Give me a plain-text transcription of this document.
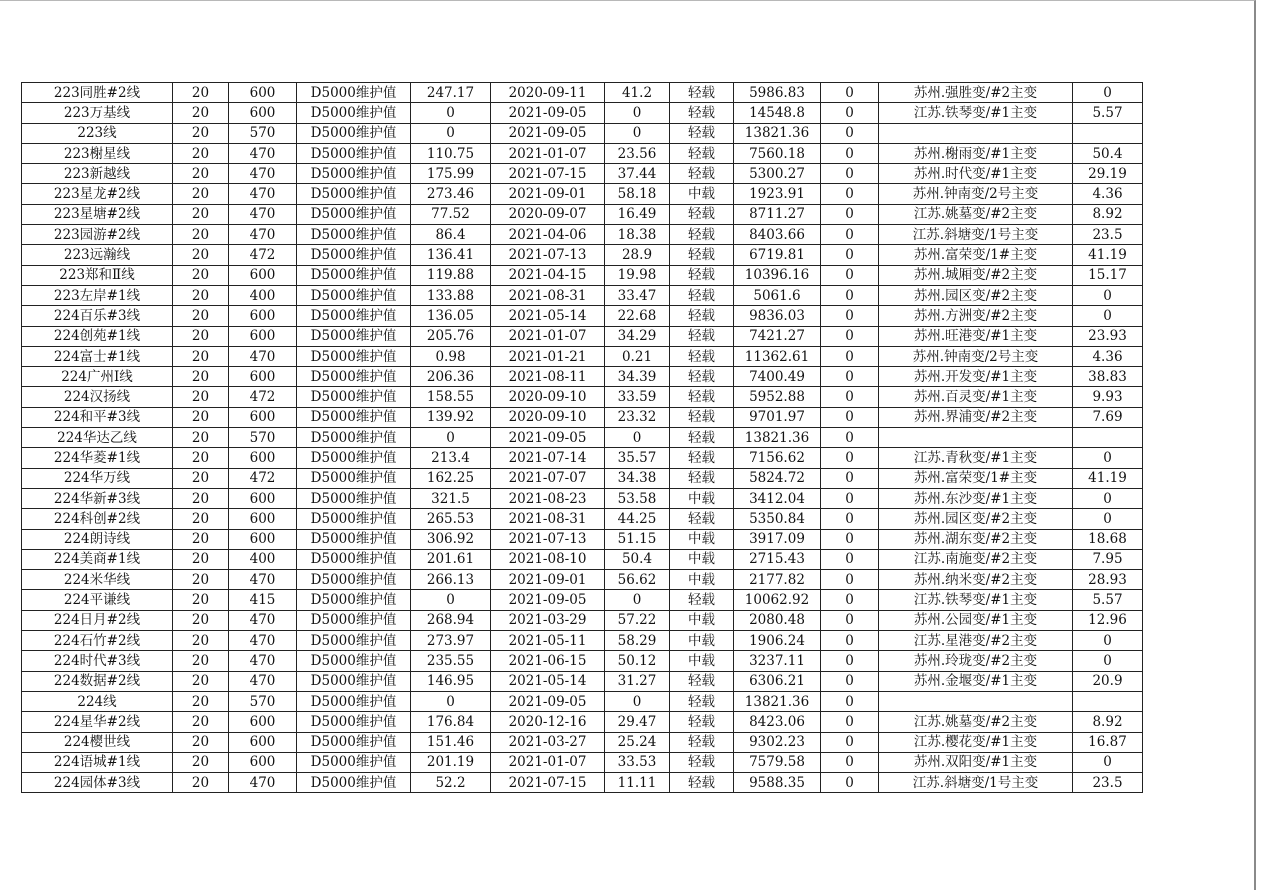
223同胜#2线	20	600	D5000维护值	247.17	2020-09-11	41.2	轻载	5986.83	0	苏州.强胜变/#2主变	0
223万基线	20	600	D5000维护值	0	2021-09-05	0	轻载	14548.8	0	江苏.铁琴变/#1主变	5.57
223线	20	570	D5000维护值	0	2021-09-05	0	轻载	13821.36	0		
223榭星线	20	470	D5000维护值	110.75	2021-01-07	23.56	轻载	7560.18	0	苏州.榭雨变/#1主变	50.4
223新越线	20	470	D5000维护值	175.99	2021-07-15	37.44	轻载	5300.27	0	苏州.时代变/#1主变	29.19
223星龙#2线	20	470	D5000维护值	273.46	2021-09-01	58.18	中载	1923.91	0	苏州.钟南变/2号主变	4.36
223星塘#2线	20	470	D5000维护值	77.52	2020-09-07	16.49	轻载	8711.27	0	江苏.姚墓变/#2主变	8.92
223园游#2线	20	470	D5000维护值	86.4	2021-04-06	18.38	轻载	8403.66	0	江苏.斜塘变/1号主变	23.5
223远瀚线	20	472	D5000维护值	136.41	2021-07-13	28.9	轻载	6719.81	0	苏州.富荣变/1#主变	41.19
223郑和Ⅱ线	20	600	D5000维护值	119.88	2021-04-15	19.98	轻载	10396.16	0	苏州.城厢变/#2主变	15.17
223左岸#1线	20	400	D5000维护值	133.88	2021-08-31	33.47	轻载	5061.6	0	苏州.园区变/#2主变	0
224百乐#3线	20	600	D5000维护值	136.05	2021-05-14	22.68	轻载	9836.03	0	苏州.方洲变/#2主变	0
224创苑#1线	20	600	D5000维护值	205.76	2021-01-07	34.29	轻载	7421.27	0	苏州.旺港变/#1主变	23.93
224富士#1线	20	470	D5000维护值	0.98	2021-01-21	0.21	轻载	11362.61	0	苏州.钟南变/2号主变	4.36
224广州Ⅰ线	20	600	D5000维护值	206.36	2021-08-11	34.39	轻载	7400.49	0	苏州.开发变/#1主变	38.83
224汉扬线	20	472	D5000维护值	158.55	2020-09-10	33.59	轻载	5952.88	0	苏州.百灵变/#1主变	9.93
224和平#3线	20	600	D5000维护值	139.92	2020-09-10	23.32	轻载	9701.97	0	苏州.界浦变/#2主变	7.69
224华达乙线	20	570	D5000维护值	0	2021-09-05	0	轻载	13821.36	0		
224华菱#1线	20	600	D5000维护值	213.4	2021-07-14	35.57	轻载	7156.62	0	江苏.青秋变/#1主变	0
224华万线	20	472	D5000维护值	162.25	2021-07-07	34.38	轻载	5824.72	0	苏州.富荣变/1#主变	41.19
224华新#3线	20	600	D5000维护值	321.5	2021-08-23	53.58	中载	3412.04	0	苏州.东沙变/#1主变	0
224科创#2线	20	600	D5000维护值	265.53	2021-08-31	44.25	轻载	5350.84	0	苏州.园区变/#2主变	0
224朗诗线	20	600	D5000维护值	306.92	2021-07-13	51.15	中载	3917.09	0	苏州.湖东变/#2主变	18.68
224美商#1线	20	400	D5000维护值	201.61	2021-08-10	50.4	中载	2715.43	0	江苏.南施变/#2主变	7.95
224米华线	20	470	D5000维护值	266.13	2021-09-01	56.62	中载	2177.82	0	苏州.纳米变/#2主变	28.93
224平谦线	20	415	D5000维护值	0	2021-09-05	0	轻载	10062.92	0	江苏.铁琴变/#1主变	5.57
224日月#2线	20	470	D5000维护值	268.94	2021-03-29	57.22	中载	2080.48	0	苏州.公园变/#1主变	12.96
224石竹#2线	20	470	D5000维护值	273.97	2021-05-11	58.29	中载	1906.24	0	江苏.星港变/#2主变	0
224时代#3线	20	470	D5000维护值	235.55	2021-06-15	50.12	中载	3237.11	0	苏州.玲珑变/#2主变	0
224数据#2线	20	470	D5000维护值	146.95	2021-05-14	31.27	轻载	6306.21	0	苏州.金堰变/#1主变	20.9
224线	20	570	D5000维护值	0	2021-09-05	0	轻载	13821.36	0		
224星华#2线	20	600	D5000维护值	176.84	2020-12-16	29.47	轻载	8423.06	0	江苏.姚墓变/#2主变	8.92
224樱世线	20	600	D5000维护值	151.46	2021-03-27	25.24	轻载	9302.23	0	江苏.樱花变/#1主变	16.87
224语城#1线	20	600	D5000维护值	201.19	2021-01-07	33.53	轻载	7579.58	0	苏州.双阳变/#1主变	0
224园体#3线	20	470	D5000维护值	52.2	2021-07-15	11.11	轻载	9588.35	0	江苏.斜塘变/1号主变	23.5
